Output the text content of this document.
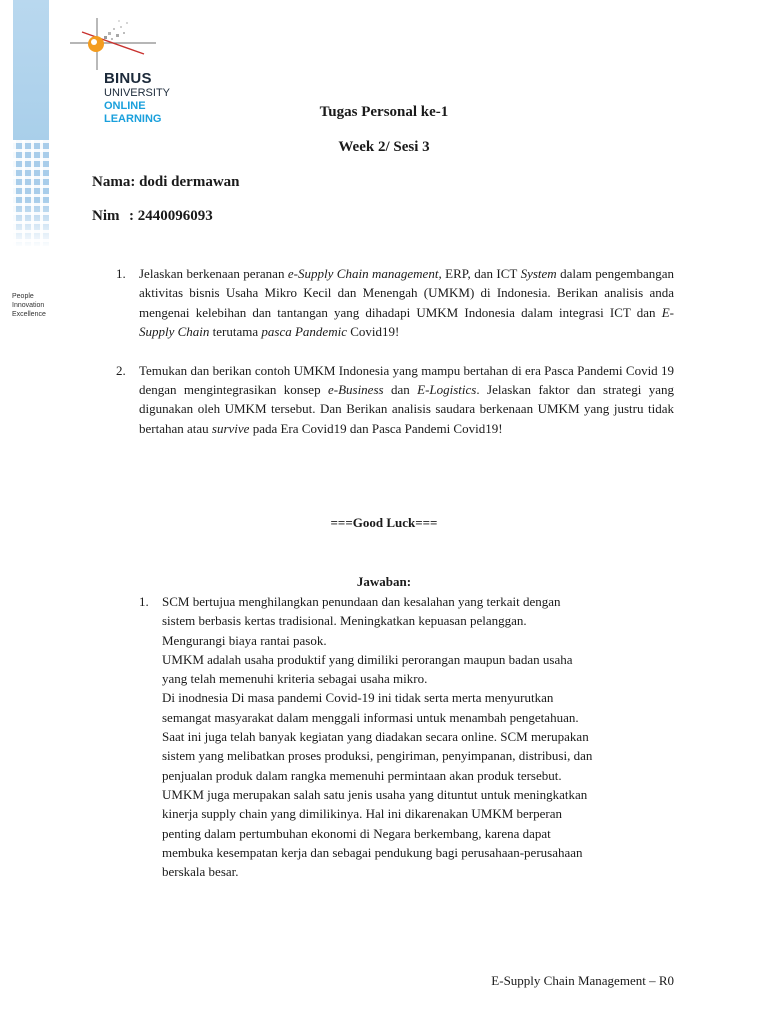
People
Innovation
Excellence
BINUS
UNIVERSITY
ONLINE
LEARNING	Tugas Personal ke-1
Week 2/ Sesi 3
Nama: dodi dermawan
Nim : 2440096093
1. Jelaskan berkenaan peranan e-Supply Chain management, ERP, dan ICT System dalam pengembangan aktivitas bisnis Usaha Mikro Kecil dan Menengah (UMKM) di Indonesia. Berikan analisis anda mengenai kelebihan dan tantangan yang dihadapi UMKM Indonesia dalam integrasi ICT dan E-Supply Chain terutama pasca Pandemic Covid19!
2. Temukan dan berikan contoh UMKM Indonesia yang mampu bertahan di era Pasca Pandemi Covid 19 dengan mengintegrasikan konsep e-Business dan E-Logistics. Jelaskan faktor dan strategi yang digunakan oleh UMKM tersebut. Dan Berikan analisis saudara berkenaan UMKM yang justru tidak bertahan atau survive pada Era Covid19 dan Pasca Pandemi Covid19!
===Good Luck===
Jawaban:
1. SCM bertujua menghilangkan penundaan dan kesalahan yang terkait dengan
sistem berbasis kertas tradisional. Meningkatkan kepuasan pelanggan.
Mengurangi biaya rantai pasok.
UMKM adalah usaha produktif yang dimiliki perorangan maupun badan usaha
yang telah memenuhi kriteria sebagai usaha mikro.
Di inodnesia Di masa pandemi Covid-19 ini tidak serta merta menyurutkan
semangat masyarakat dalam menggali informasi untuk menambah pengetahuan.
Saat ini juga telah banyak kegiatan yang diadakan secara online. SCM merupakan
sistem yang melibatkan proses produksi, pengiriman, penyimpanan, distribusi, dan
penjualan produk dalam rangka memenuhi permintaan akan produk tersebut.
UMKM juga merupakan salah satu jenis usaha yang dituntut untuk meningkatkan
kinerja supply chain yang dimilikinya. Hal ini dikarenakan UMKM berperan
penting dalam pertumbuhan ekonomi di Negara berkembang, karena dapat
membuka kesempatan kerja dan sebagai pendukung bagi perusahaan-perusahaan
berskala besar.
E-Supply Chain Management – R0
